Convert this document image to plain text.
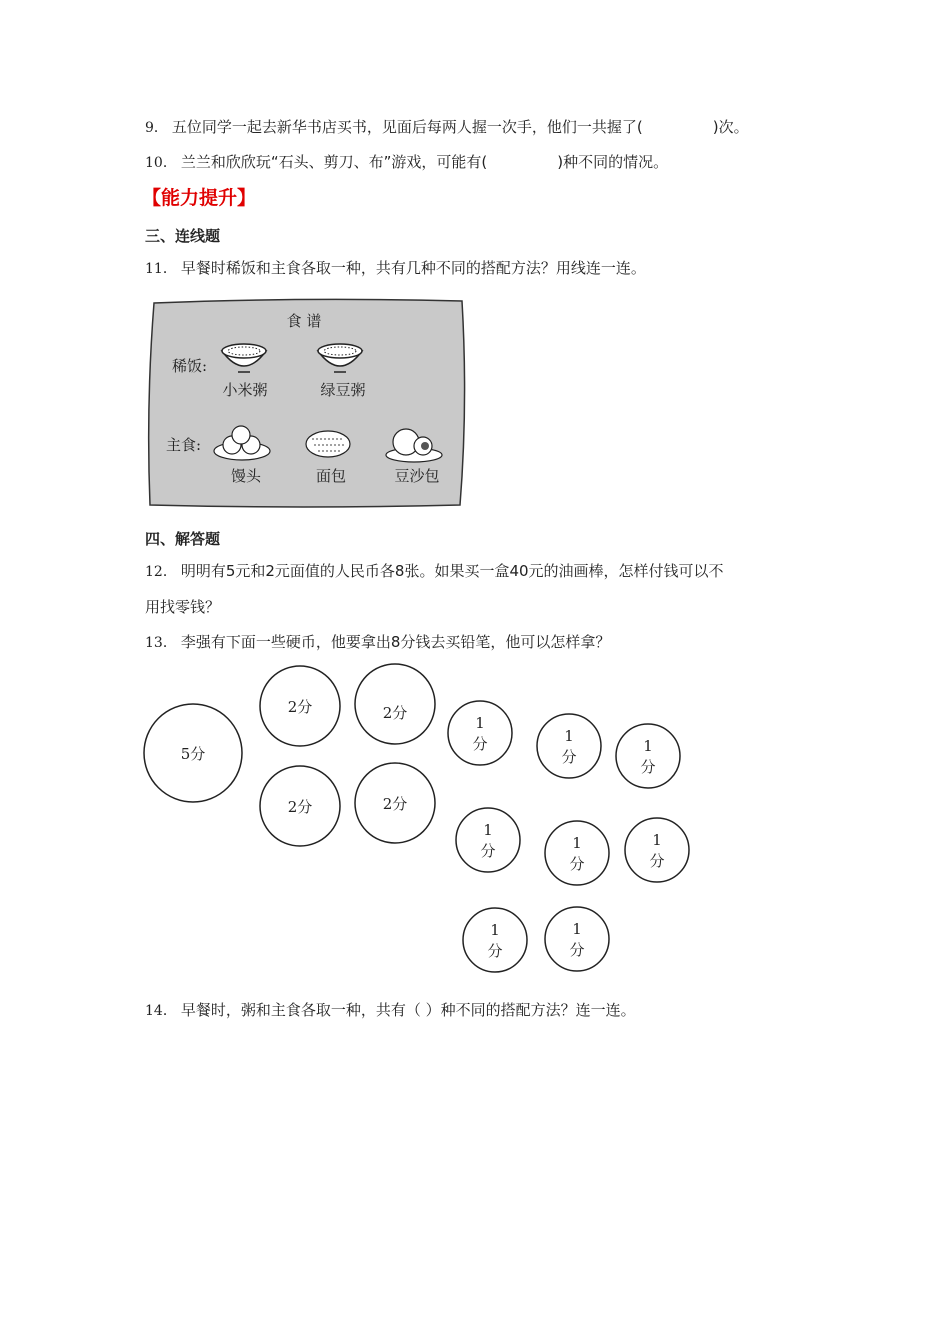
9． 五位同学一起去新华书店买书，见面后每两人握一次手，他们一共握了(	)次。
10． 兰兰和欣欣玩“石头、剪刀、布”游戏，可能有(	)种不同的情况。
【能力提升】
三、连线题
11． 早餐时稀饭和主食各取一种，共有几种不同的搭配方法？用线连一连。
食 谱
稀饭:
小米粥	绿豆粥
主食:
馒头	面包	豆沙包
四、解答题
12． 明明有5元和2元面值的人民币各8张。如果买一盒40元的油画棒，怎样付钱可以不
用找零钱？
13． 李强有下面一些硬币，他要拿出8分钱去买铅笔，他可以怎样拿？
5分
2分	2分
2分	2分
1
分	1
分
1
分
1
分	1
分
1
分
1
分
1
分
14． 早餐时，粥和主食各取一种，共有（ ）种不同的搭配方法？连一连。
